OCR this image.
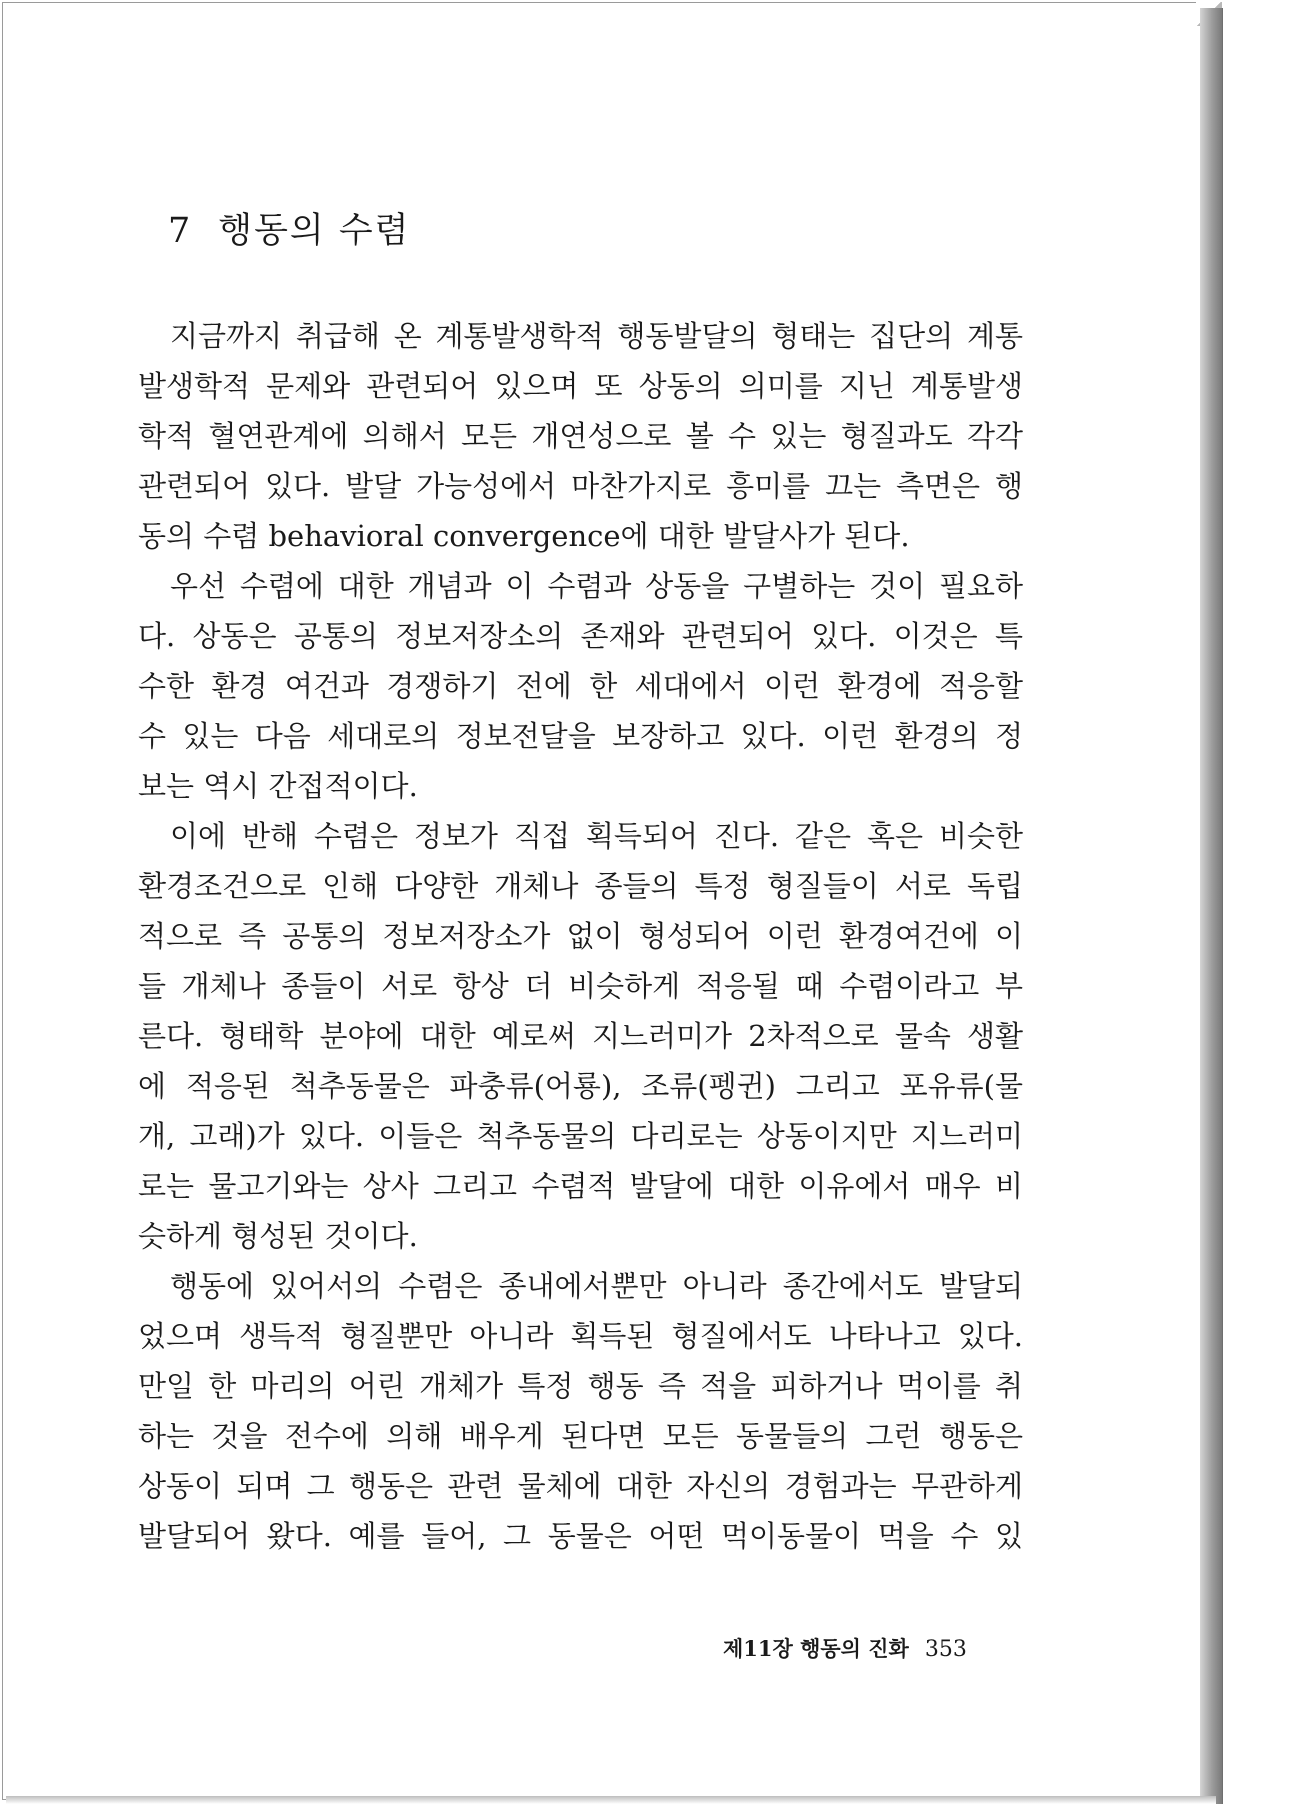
7 행동의 수렴
지금까지 취급해 온 계통발생학적 행동발달의 형태는 집단의 계통
발생학적 문제와 관련되어 있으며 또 상동의 의미를 지닌 계통발생
학적 혈연관계에 의해서 모든 개연성으로 볼 수 있는 형질과도 각각
관련되어 있다. 발달 가능성에서 마찬가지로 흥미를 끄는 측면은 행
동의 수렴 behavioral convergence에 대한 발달사가 된다.
우선 수렴에 대한 개념과 이 수렴과 상동을 구별하는 것이 필요하
다. 상동은 공통의 정보저장소의 존재와 관련되어 있다. 이것은 특
수한 환경 여건과 경쟁하기 전에 한 세대에서 이런 환경에 적응할
수 있는 다음 세대로의 정보전달을 보장하고 있다. 이런 환경의 정
보는 역시 간접적이다.
이에 반해 수렴은 정보가 직접 획득되어 진다. 같은 혹은 비슷한
환경조건으로 인해 다양한 개체나 종들의 특정 형질들이 서로 독립
적으로 즉 공통의 정보저장소가 없이 형성되어 이런 환경여건에 이
들 개체나 종들이 서로 항상 더 비슷하게 적응될 때 수렴이라고 부
른다. 형태학 분야에 대한 예로써 지느러미가 2차적으로 물속 생활
에 적응된 척추동물은 파충류(어룡), 조류(펭귄) 그리고 포유류(물
개, 고래)가 있다. 이들은 척추동물의 다리로는 상동이지만 지느러미
로는 물고기와는 상사 그리고 수렴적 발달에 대한 이유에서 매우 비
슷하게 형성된 것이다.
행동에 있어서의 수렴은 종내에서뿐만 아니라 종간에서도 발달되
었으며 생득적 형질뿐만 아니라 획득된 형질에서도 나타나고 있다.
만일 한 마리의 어린 개체가 특정 행동 즉 적을 피하거나 먹이를 취
하는 것을 전수에 의해 배우게 된다면 모든 동물들의 그런 행동은
상동이 되며 그 행동은 관련 물체에 대한 자신의 경험과는 무관하게
발달되어 왔다. 예를 들어, 그 동물은 어떤 먹이동물이 먹을 수 있
제11장 행동의 진화 353
